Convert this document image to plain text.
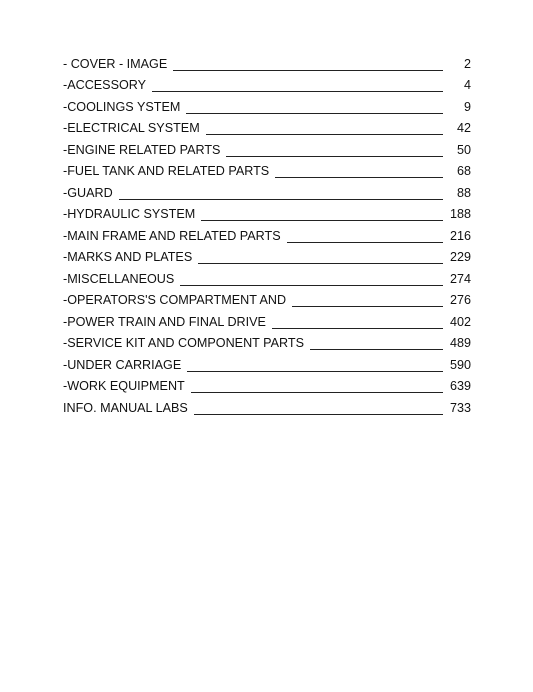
- COVER - IMAGE	2
-ACCESSORY	4
-COOLINGS YSTEM	9
-ELECTRICAL SYSTEM	42
-ENGINE RELATED PARTS	50
-FUEL TANK AND RELATED PARTS	68
-GUARD	88
-HYDRAULIC SYSTEM	188
-MAIN FRAME AND RELATED PARTS	216
-MARKS AND PLATES	229
-MISCELLANEOUS	274
-OPERATORS'S COMPARTMENT AND	276
-POWER TRAIN AND FINAL DRIVE	402
-SERVICE KIT AND COMPONENT PARTS	489
-UNDER CARRIAGE	590
-WORK EQUIPMENT	639
INFO. MANUAL LABS	733
